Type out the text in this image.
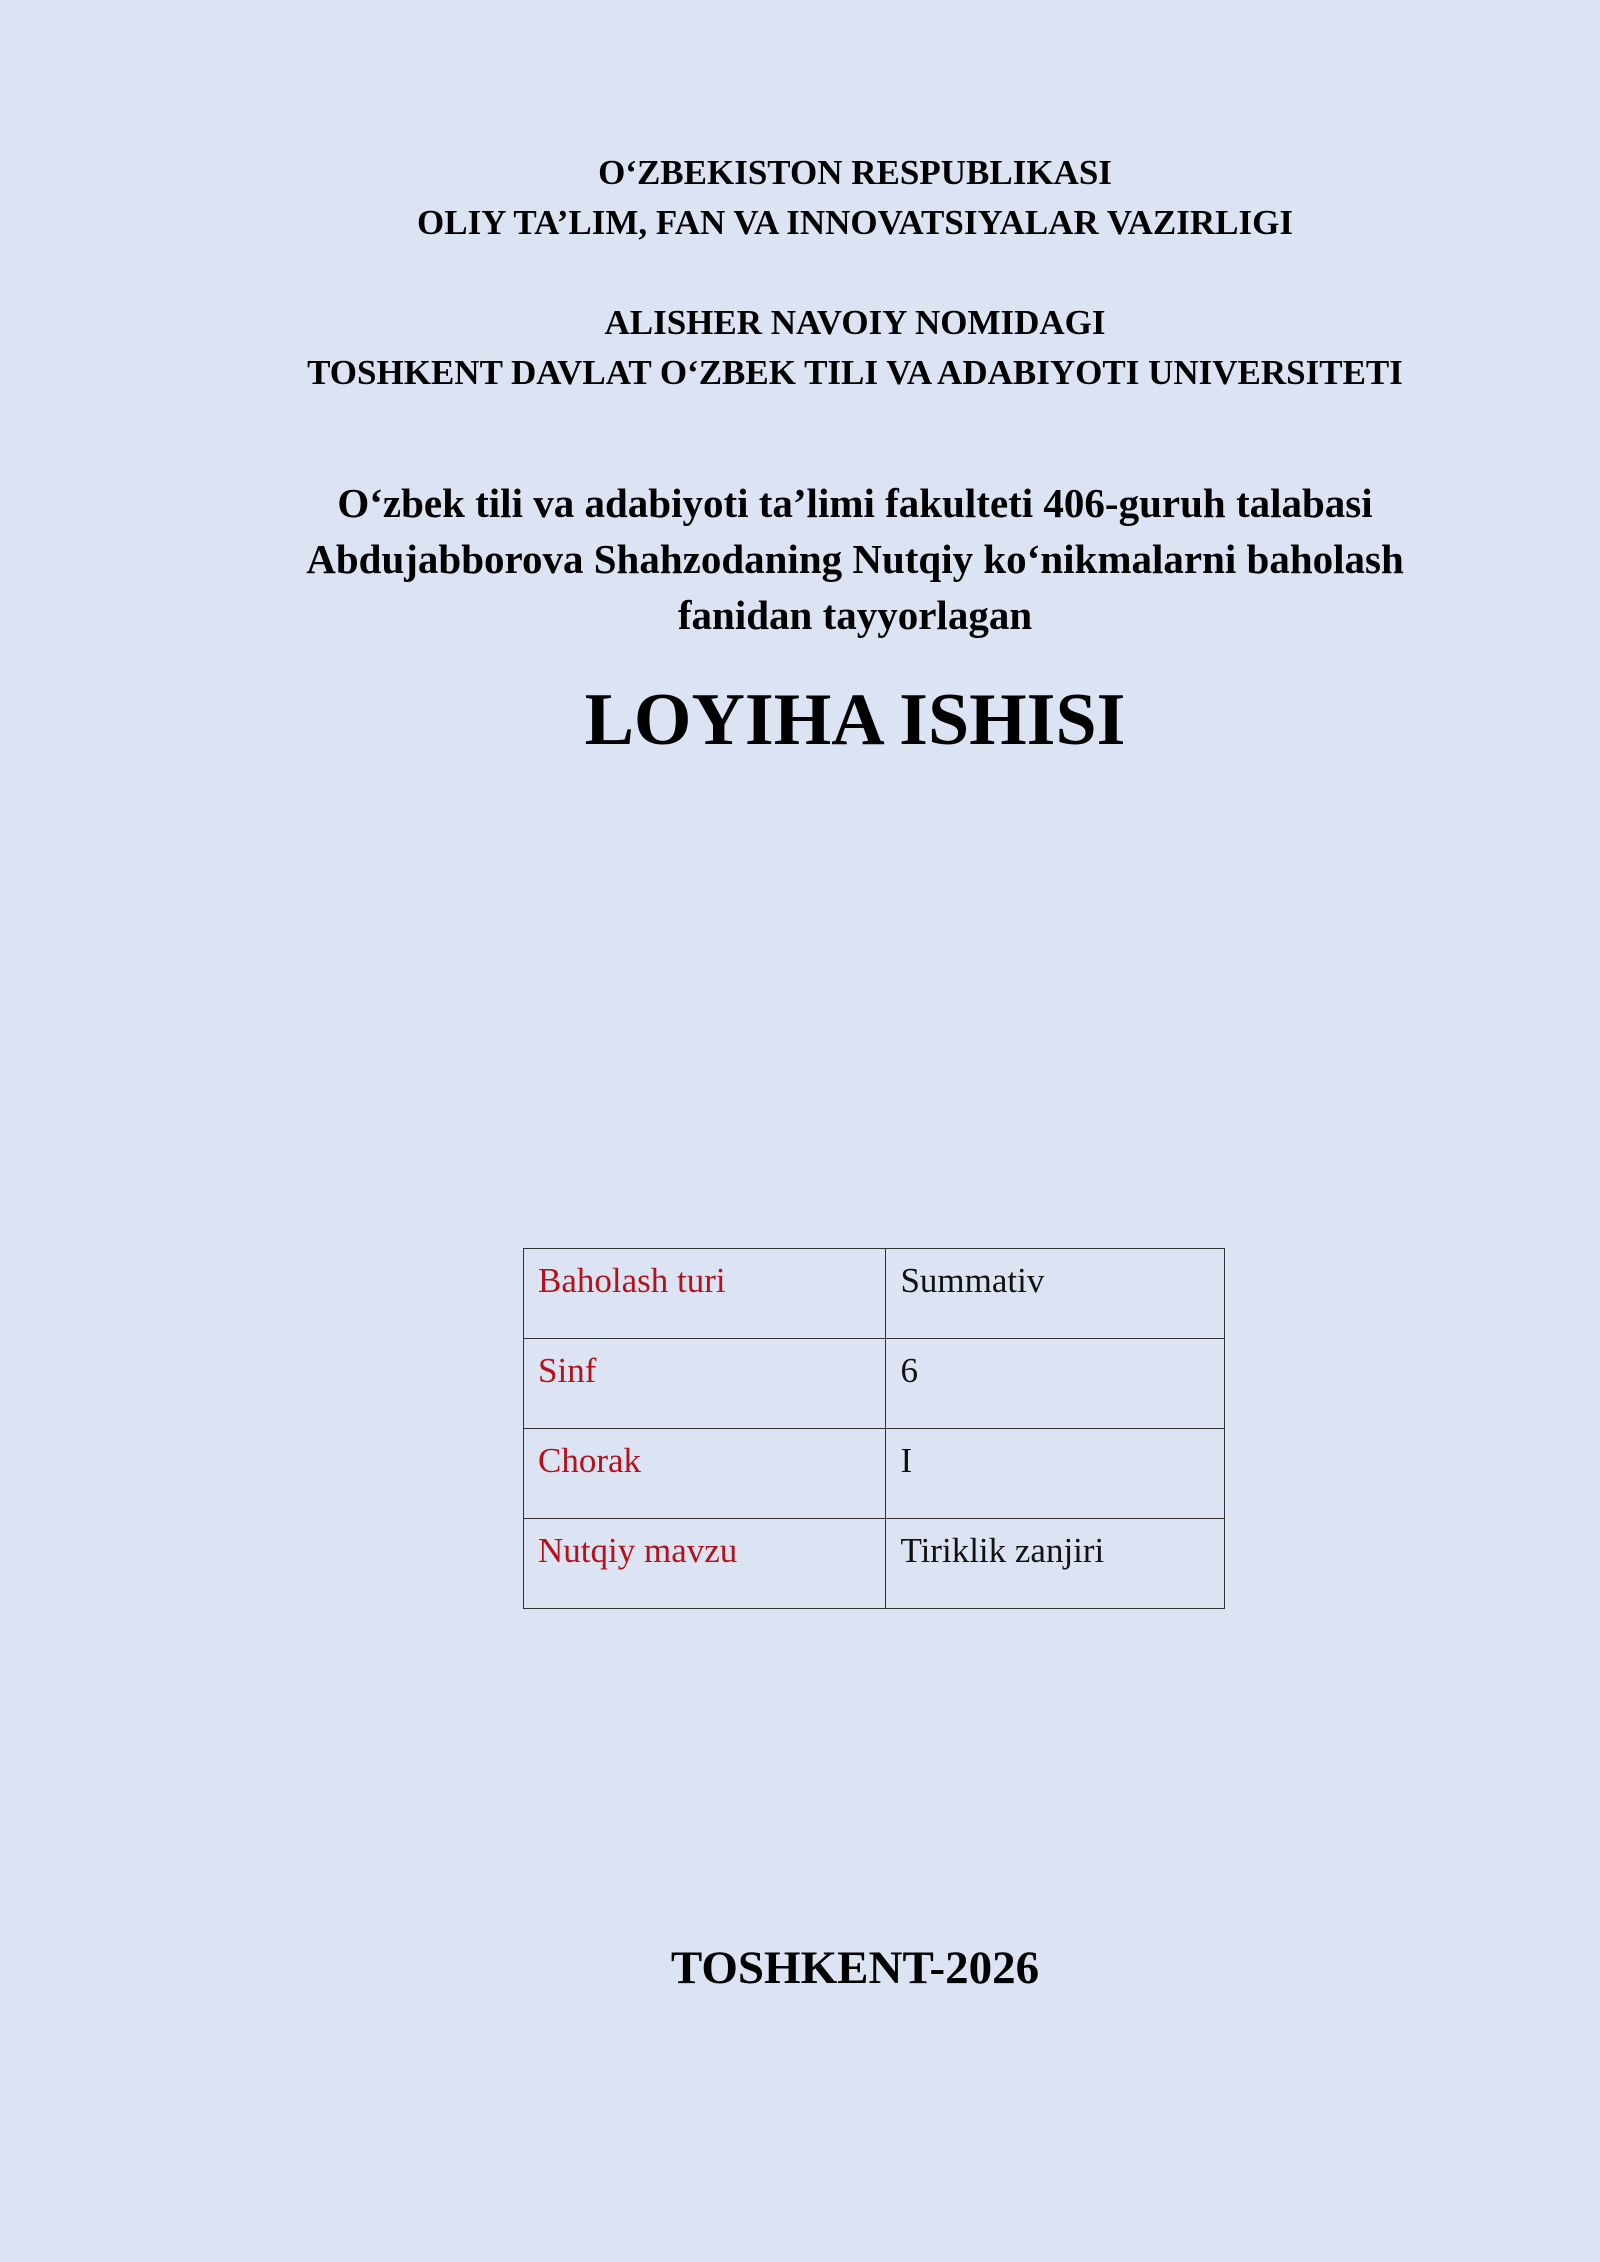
O‘ZBEKISTON RESPUBLIKASI
OLIY TA’LIM, FAN VA INNOVATSIYALAR VAZIRLIGI
ALISHER NAVOIY NOMIDAGI
TOSHKENT DAVLAT O‘ZBEK TILI VA ADABIYOTI UNIVERSITETI
O‘zbek tili va adabiyoti ta’limi fakulteti 406-guruh talabasi
Abdujabborova Shahzodaning Nutqiy ko‘nikmalarni baholash
fanidan tayyorlagan
LOYIHA ISHISI
Baholash turi	Summativ
Sinf	6
Chorak	I
Nutqiy mavzu	Tiriklik zanjiri
TOSHKENT-2026
